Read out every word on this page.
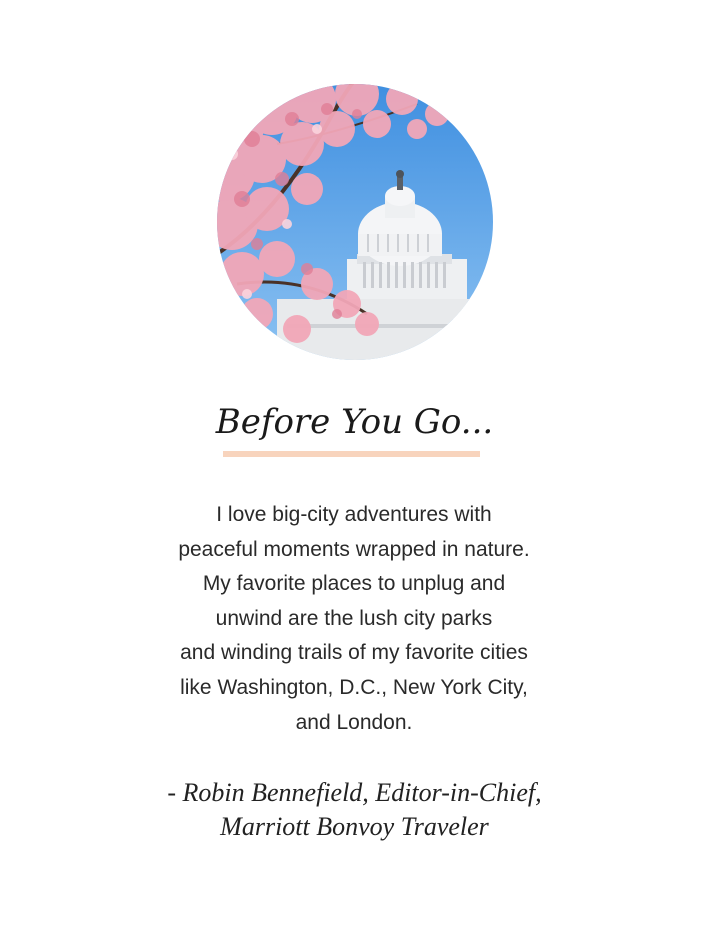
Before You Go...

I love big-city adventures with
peaceful moments wrapped in nature.
My favorite places to unplug and
unwind are the lush city parks
and winding trails of my favorite cities
like Washington, D.C., New York City,
and London.

- Robin Bennefield, Editor-in-Chief,
Marriott Bonvoy Traveler
